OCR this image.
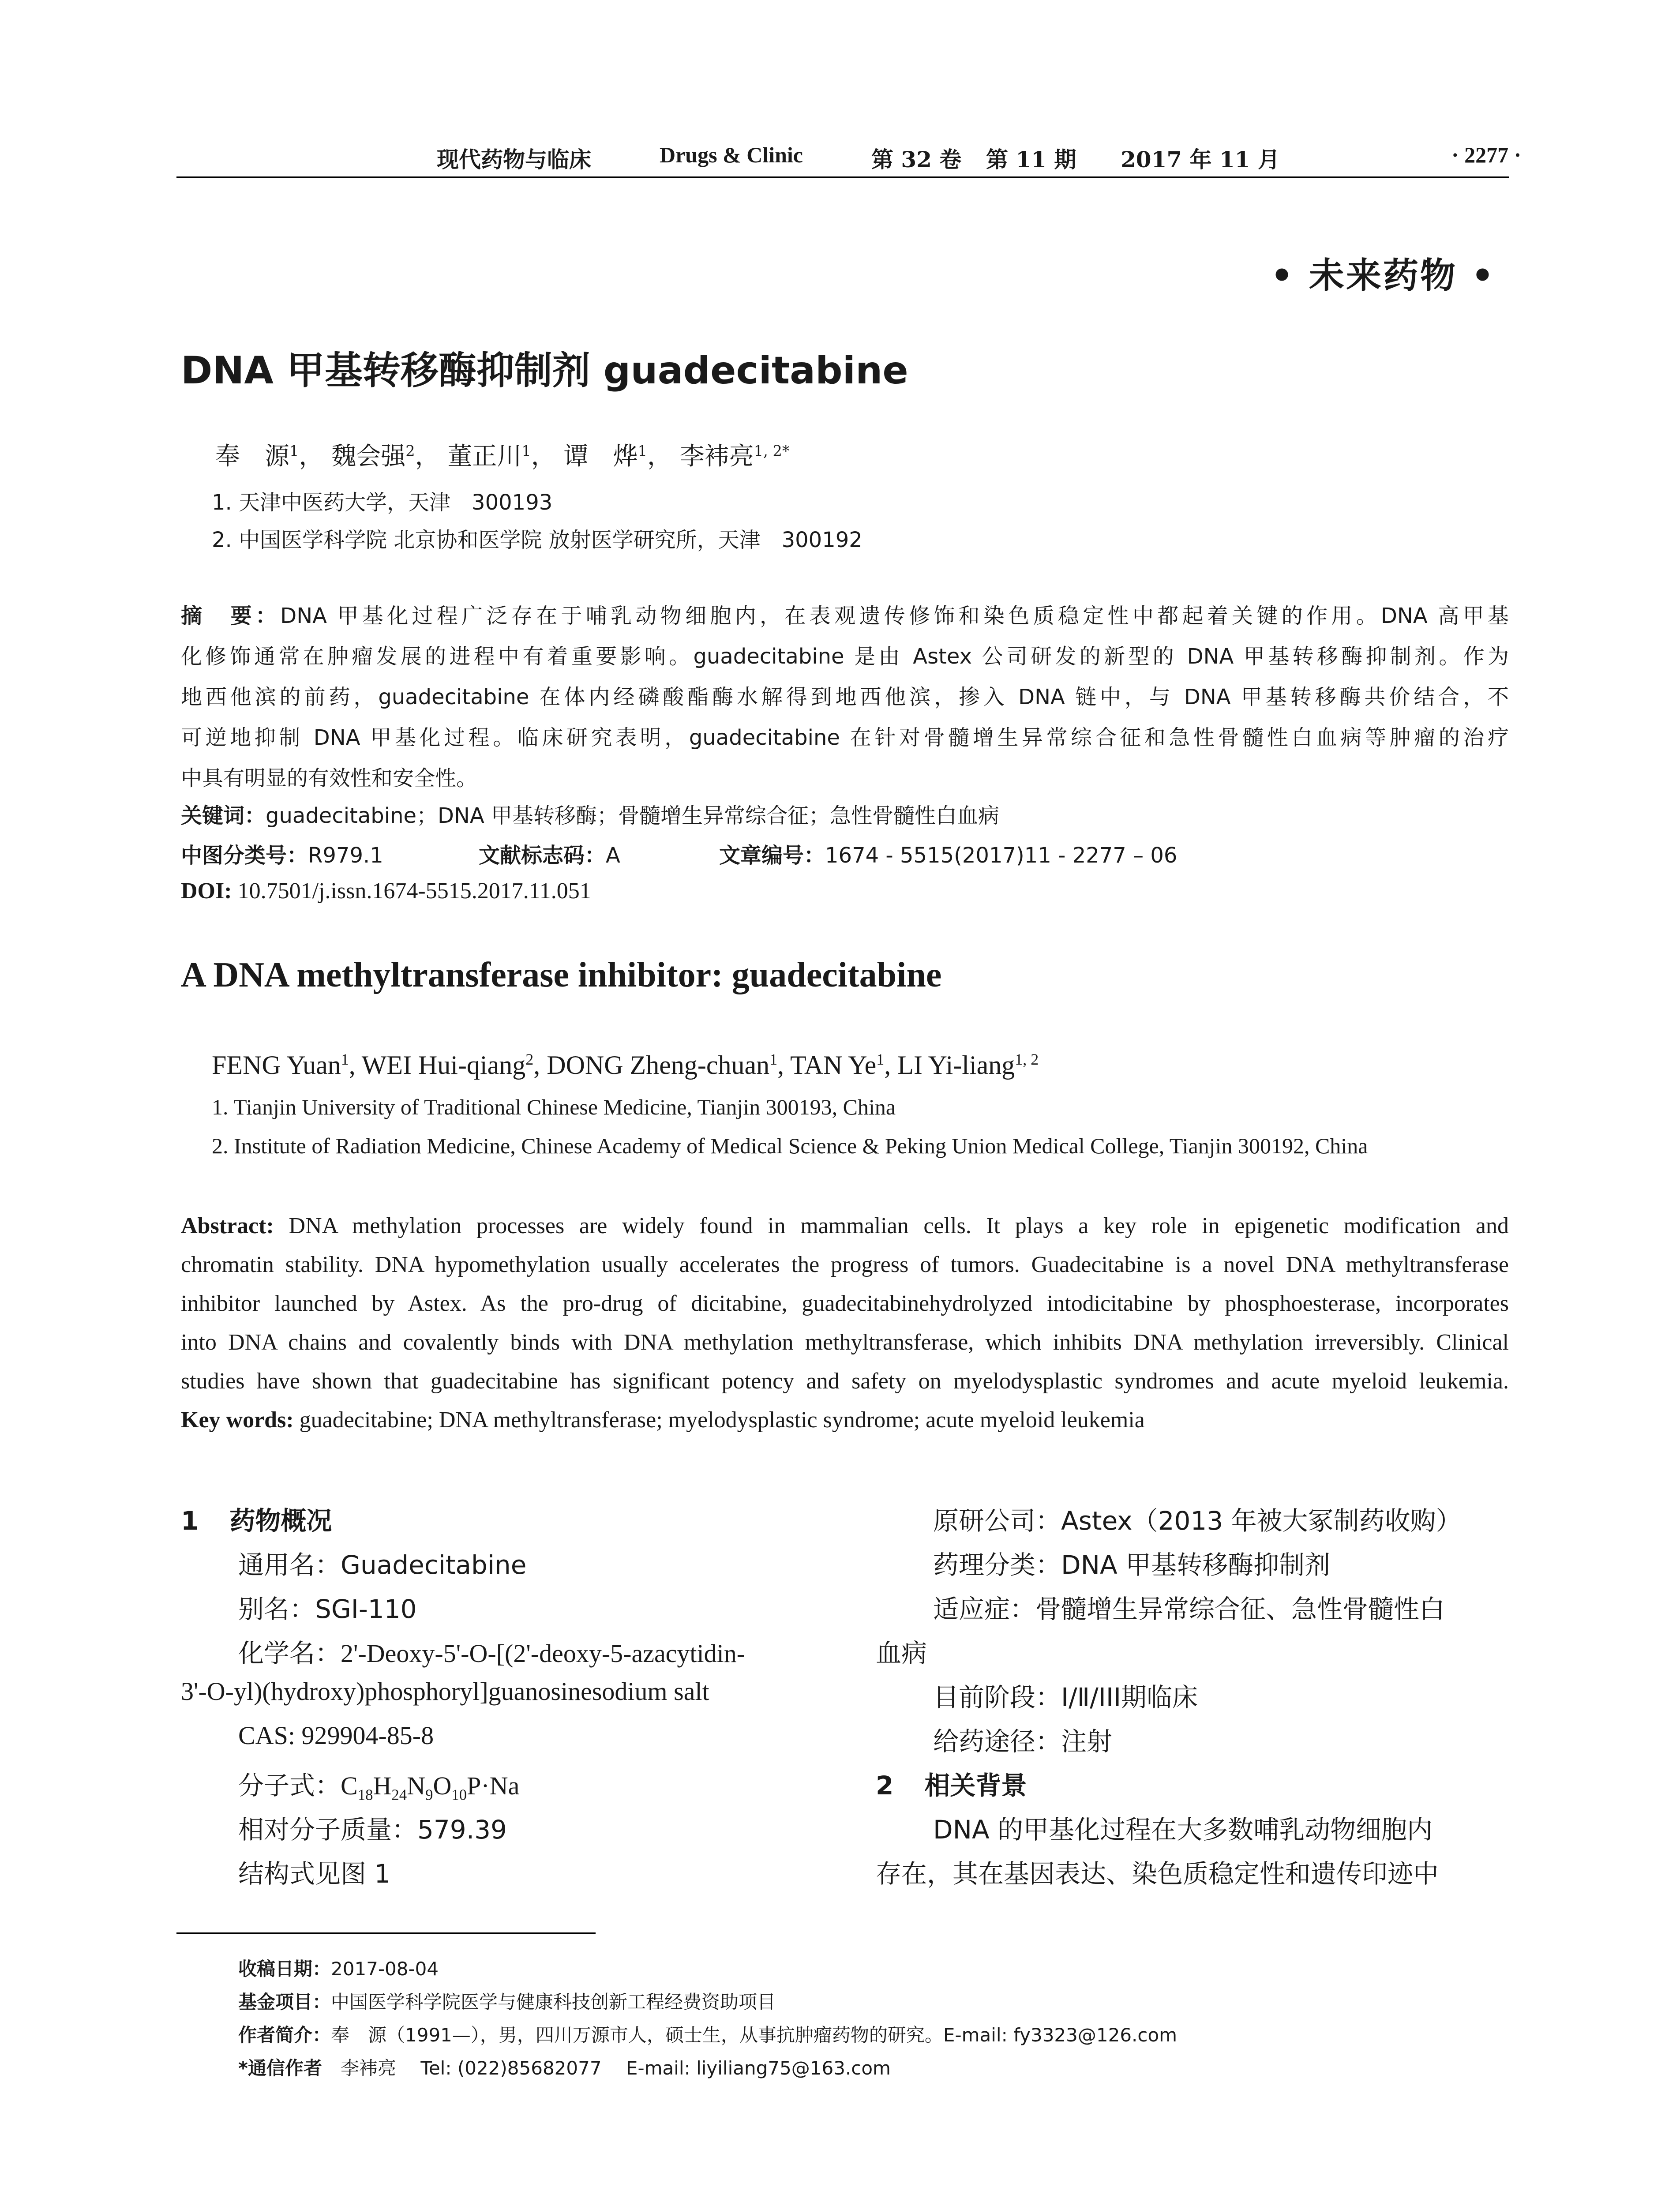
现代药物与临床	Drugs & Clinic	第 32 卷 第 11 期 2017 年 11 月	· 2277 ·
• 未来药物 •
DNA 甲基转移酶抑制剂 guadecitabine
奉　源$^1$， 魏会强$^2$， 董正川$^1$， 谭　烨$^1$， 李袆亮$^{1, 2*}$
1. 天津中医药大学，天津　300193
2. 中国医学科学院 北京协和医学院 放射医学研究所，天津　300192
摘　要：DNA 甲基化过程广泛存在于哺乳动物细胞内，在表观遗传修饰和染色质稳定性中都起着关键的作用。DNA 高甲基
化修饰通常在肿瘤发展的进程中有着重要影响。guadecitabine 是由 Astex 公司研发的新型的 DNA 甲基转移酶抑制剂。作为
地西他滨的前药，guadecitabine 在体内经磷酸酯酶水解得到地西他滨，掺入 DNA 链中，与 DNA 甲基转移酶共价结合，不
可逆地抑制 DNA 甲基化过程。临床研究表明，guadecitabine 在针对骨髓增生异常综合征和急性骨髓性白血病等肿瘤的治疗
中具有明显的有效性和安全性。
关键词：guadecitabine；DNA 甲基转移酶；骨髓增生异常综合征；急性骨髓性白血病
中图分类号：R979.1	文献标志码：A	文章编号：1674 - 5515(2017)11 - 2277 – 06
DOI: 10.7501/j.issn.1674-5515.2017.11.051
A DNA methyltransferase inhibitor: guadecitabine
FENG Yuan$^1$, WEI Hui-qiang$^2$, DONG Zheng-chuan$^1$, TAN Ye$^1$, LI Yi-liang$^{1, 2}$
1. Tianjin University of Traditional Chinese Medicine, Tianjin 300193, China
2. Institute of Radiation Medicine, Chinese Academy of Medical Science & Peking Union Medical College, Tianjin 300192, China
Abstract: DNA methylation processes are widely found in mammalian cells. It plays a key role in epigenetic modification and
chromatin stability. DNA hypomethylation usually accelerates the progress of tumors. Guadecitabine is a novel DNA methyltransferase
inhibitor launched by Astex. As the pro-drug of dicitabine, guadecitabinehydrolyzed intodicitabine by phosphoesterase, incorporates
into DNA chains and covalently binds with DNA methylation methyltransferase, which inhibits DNA methylation irreversibly. Clinical
studies have shown that guadecitabine has significant potency and safety on myelodysplastic syndromes and acute myeloid leukemia.
Key words: guadecitabine; DNA methyltransferase; myelodysplastic syndrome; acute myeloid leukemia
1 药物概况
通用名：Guadecitabine
别名：SGI-110
化学名：2'-Deoxy-5'-O-[(2'-deoxy-5-azacytidin-
3'-O-yl)(hydroxy)phosphoryl]guanosinesodium salt
CAS: 929904-85-8
分子式：$C_{18}H_{24}N_9O_{10}P\cdot Na$
相对分子质量：579.39
结构式见图 1
原研公司：Astex（2013 年被大冢制药收购）
药理分类：DNA 甲基转移酶抑制剂
适应症：骨髓增生异常综合征、急性骨髓性白
血病
目前阶段：Ⅰ/Ⅱ/III期临床
给药途径：注射
2 相关背景
DNA 的甲基化过程在大多数哺乳动物细胞内
存在，其在基因表达、染色质稳定性和遗传印迹中
收稿日期：2017-08-04
基金项目：中国医学科学院医学与健康科技创新工程经费资助项目
作者简介：奉　源（1991—），男，四川万源市人，硕士生，从事抗肿瘤药物的研究。E-mail: fy3323@126.com
*通信作者　李袆亮　 Tel: (022)85682077　 E-mail: liyiliang75@163.com
